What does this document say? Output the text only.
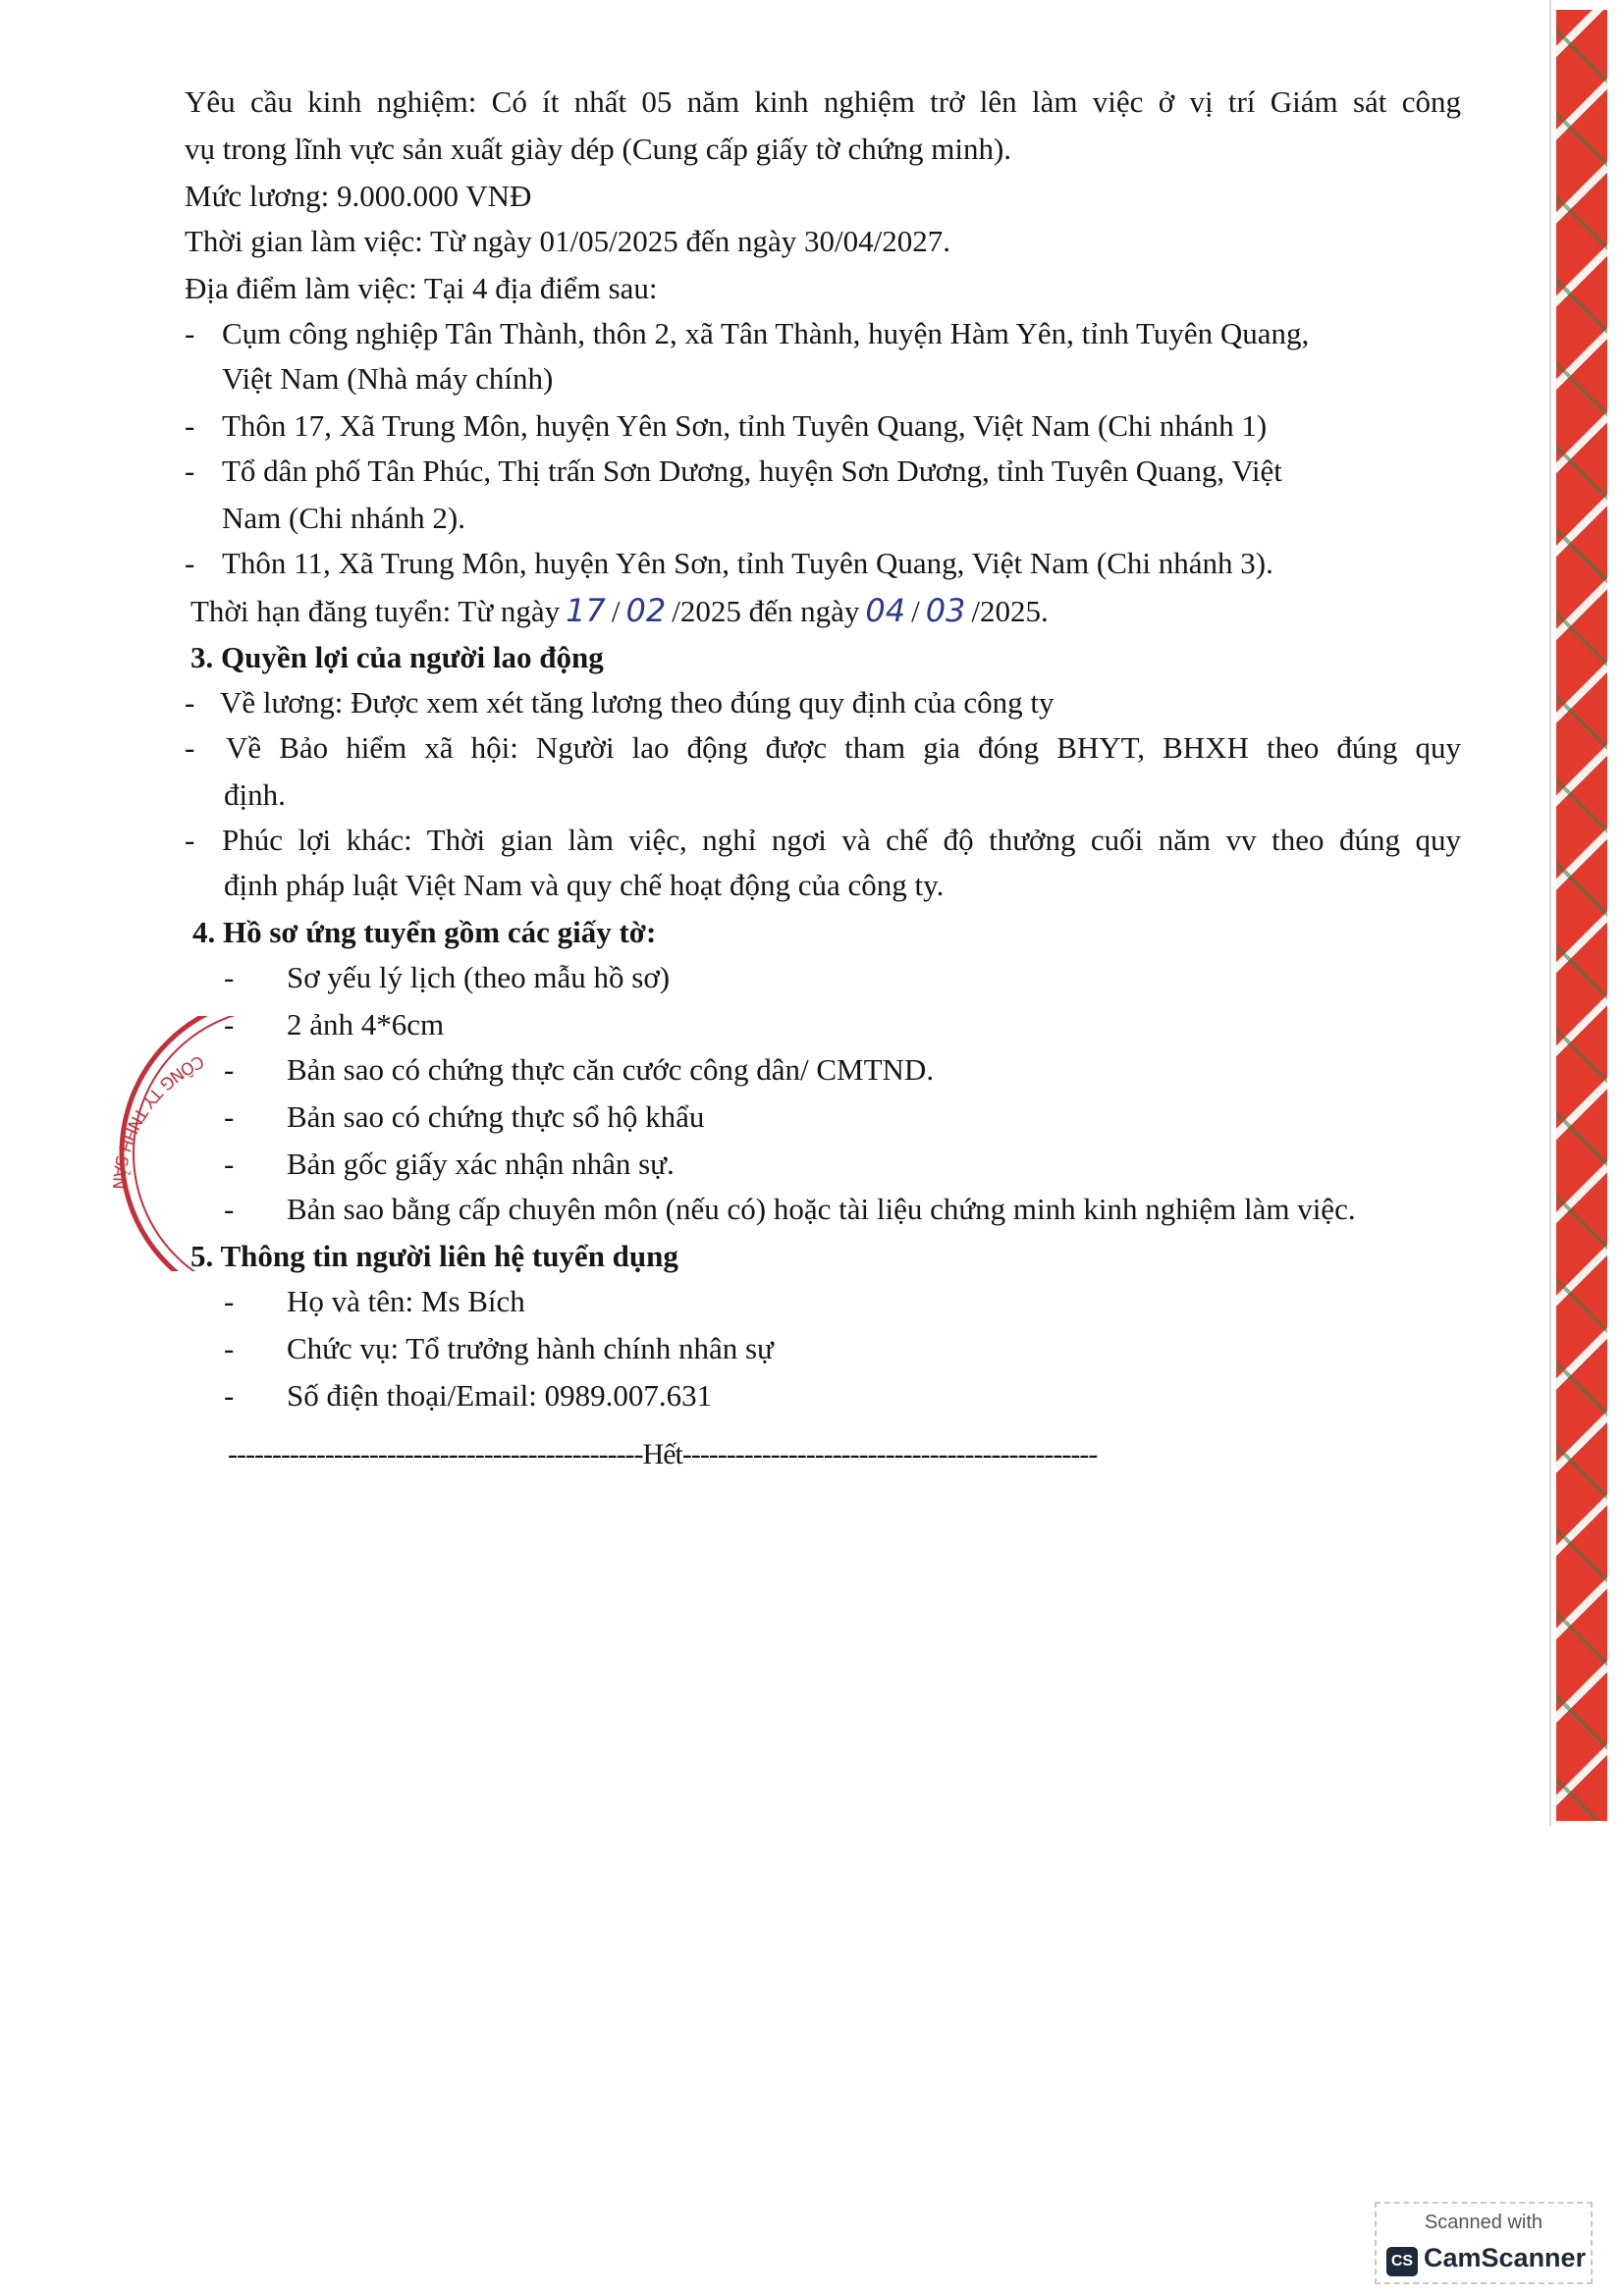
Yêu cầu kinh nghiệm: Có ít nhất 05 năm kinh nghiệm trở lên làm việc ở vị trí Giám sát công
vụ trong lĩnh vực sản xuất giày dép (Cung cấp giấy tờ chứng minh).
Mức lương: 9.000.000 VNĐ
Thời gian làm việc: Từ ngày 01/05/2025 đến ngày 30/04/2027.
Địa điểm làm việc: Tại 4 địa điểm sau:
- Cụm công nghiệp Tân Thành, thôn 2, xã Tân Thành, huyện Hàm Yên, tỉnh Tuyên Quang,
Việt Nam (Nhà máy chính)
- Thôn 17, Xã Trung Môn, huyện Yên Sơn, tỉnh Tuyên Quang, Việt Nam (Chi nhánh 1)
- Tổ dân phố Tân Phúc, Thị trấn Sơn Dương, huyện Sơn Dương, tỉnh Tuyên Quang, Việt
Nam (Chi nhánh 2).
- Thôn 11, Xã Trung Môn, huyện Yên Sơn, tỉnh Tuyên Quang, Việt Nam (Chi nhánh 3).
Thời hạn đăng tuyển: Từ ngày 17 / 02 /2025 đến ngày 04 / 03 /2025.
3. Quyền lợi của người lao động
- Về lương: Được xem xét tăng lương theo đúng quy định của công ty
- Về Bảo hiểm xã hội: Người lao động được tham gia đóng BHYT, BHXH theo đúng quy
định.
- Phúc lợi khác: Thời gian làm việc, nghỉ ngơi và chế độ thưởng cuối năm vv theo đúng quy
định pháp luật Việt Nam và quy chế hoạt động của công ty.
4. Hồ sơ ứng tuyển gồm các giấy tờ:
- Sơ yếu lý lịch (theo mẫu hồ sơ)
- 2 ảnh 4*6cm
- Bản sao có chứng thực căn cước công dân/ CMTND.
- Bản sao có chứng thực sổ hộ khẩu
- Bản gốc giấy xác nhận nhân sự.
- Bản sao bằng cấp chuyên môn (nếu có) hoặc tài liệu chứng minh kinh nghiệm làm việc.
5. Thông tin người liên hệ tuyển dụng
- Họ và tên: Ms Bích
- Chức vụ: Tổ trưởng hành chính nhân sự
- Số điện thoại/Email: 0989.007.631
-----------------------------------------------Hết-----------------------------------------------
CÔNG TY TNHH SẢN
Scanned with
CS CamScanner
